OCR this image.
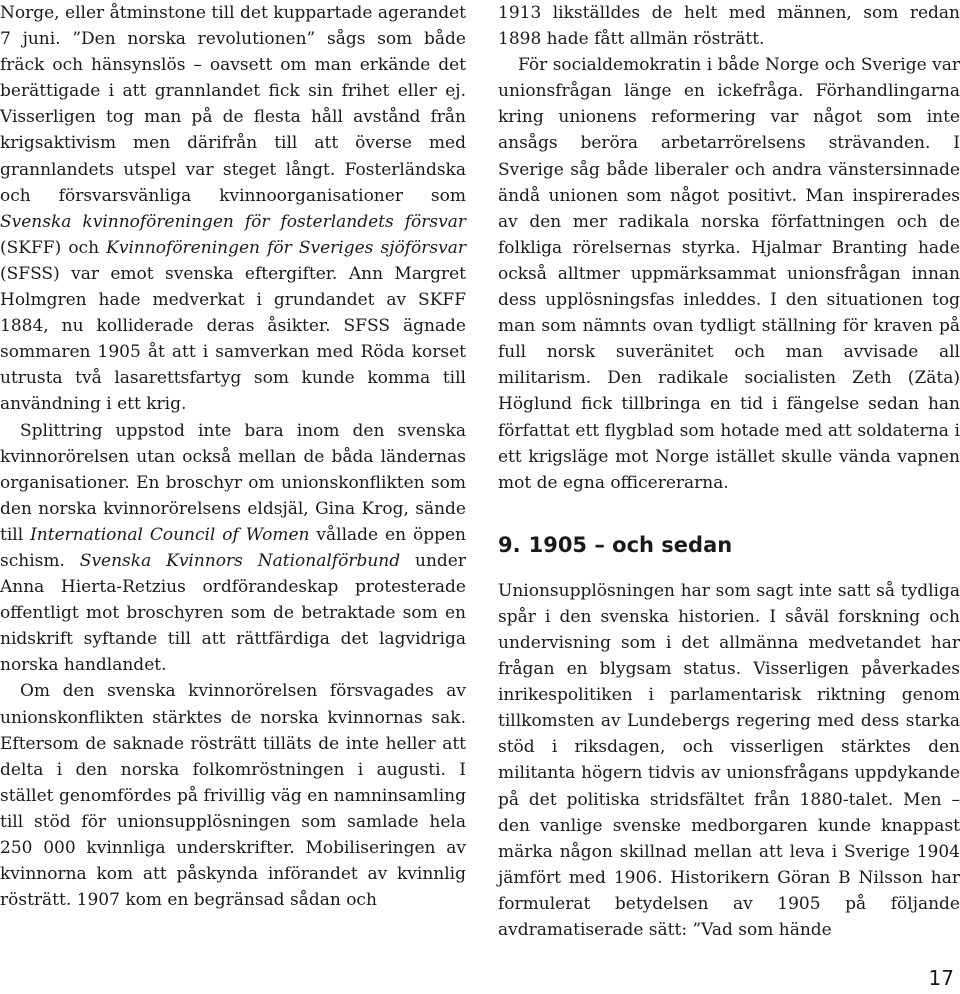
Norge, eller åtminstone till det kuppartade agerandet 7 juni. ”Den norska revolutionen” sågs som både fräck och hänsynslös – oavsett om man erkände det berättigade i att grannlandet fick sin frihet eller ej. Visserligen tog man på de flesta håll avstånd från krigsaktivism men därifrån till att överse med grannlandets utspel var steget långt. Fosterländska och försvarsvänliga kvinnoorganisationer som Svenska kvinnoföreningen för fosterlandets försvar (SKFF) och Kvinnoföreningen för Sveriges sjöförsvar (SFSS) var emot svenska eftergifter. Ann Margret Holmgren hade medverkat i grundandet av SKFF 1884, nu kolliderade deras åsikter. SFSS ägnade sommaren 1905 åt att i samverkan med Röda korset utrusta två lasarettsfartyg som kunde komma till användning i ett krig.

Splittring uppstod inte bara inom den svenska kvinnorörelsen utan också mellan de båda ländernas organisationer. En broschyr om unionskonflikten som den norska kvinnorörelsens eldsjäl, Gina Krog, sände till International Council of Women vållade en öppen schism. Svenska Kvinnors Nationalförbund under Anna Hierta-Retzius ordförandeskap protesterade offentligt mot broschyren som de betraktade som en nidskrift syftande till att rättfärdiga det lagvidriga norska handlandet.

Om den svenska kvinnorörelsen försvagades av unionskonflikten stärktes de norska kvinnornas sak. Eftersom de saknade rösträtt tilläts de inte heller att delta i den norska folkomröstningen i augusti. I stället genomfördes på frivillig väg en namninsamling till stöd för unionsupplösningen som samlade hela 250 000 kvinnliga underskrifter. Mobiliseringen av kvinnorna kom att påskynda införandet av kvinnlig rösträtt. 1907 kom en begränsad sådan och

1913 likställdes de helt med männen, som redan 1898 hade fått allmän rösträtt.

För socialdemokratin i både Norge och Sverige var unionsfrågan länge en ickefråga. Förhandlingarna kring unionens reformering var något som inte ansågs beröra arbetarrörelsens strävanden. I Sverige såg både liberaler och andra vänstersinnade ändå unionen som något positivt. Man inspirerades av den mer radikala norska författningen och de folkliga rörelsernas styrka. Hjalmar Branting hade också alltmer uppmärksammat unionsfrågan innan dess upplösningsfas inleddes. I den situationen tog man som nämnts ovan tydligt ställning för kraven på full norsk suveränitet och man avvisade all militarism. Den radikale socialisten Zeth (Zäta) Höglund fick tillbringa en tid i fängelse sedan han författat ett flygblad som hotade med att soldaterna i ett krigsläge mot Norge istället skulle vända vapnen mot de egna officererarna.

9. 1905 – och sedan

Unionsupplösningen har som sagt inte satt så tydliga spår i den svenska historien. I såväl forskning och undervisning som i det allmänna medvetandet har frågan en blygsam status. Visserligen påverkades inrikespolitiken i parlamentarisk riktning genom tillkomsten av Lundebergs regering med dess starka stöd i riksdagen, och visserligen stärktes den militanta högern tidvis av unionsfrågans uppdykande på det politiska stridsfältet från 1880-talet. Men – den vanlige svenske medborgaren kunde knappast märka någon skillnad mellan att leva i Sverige 1904 jämfört med 1906. Historikern Göran B Nilsson har formulerat betydelsen av 1905 på följande avdramatiserade sätt: ”Vad som hände

17
